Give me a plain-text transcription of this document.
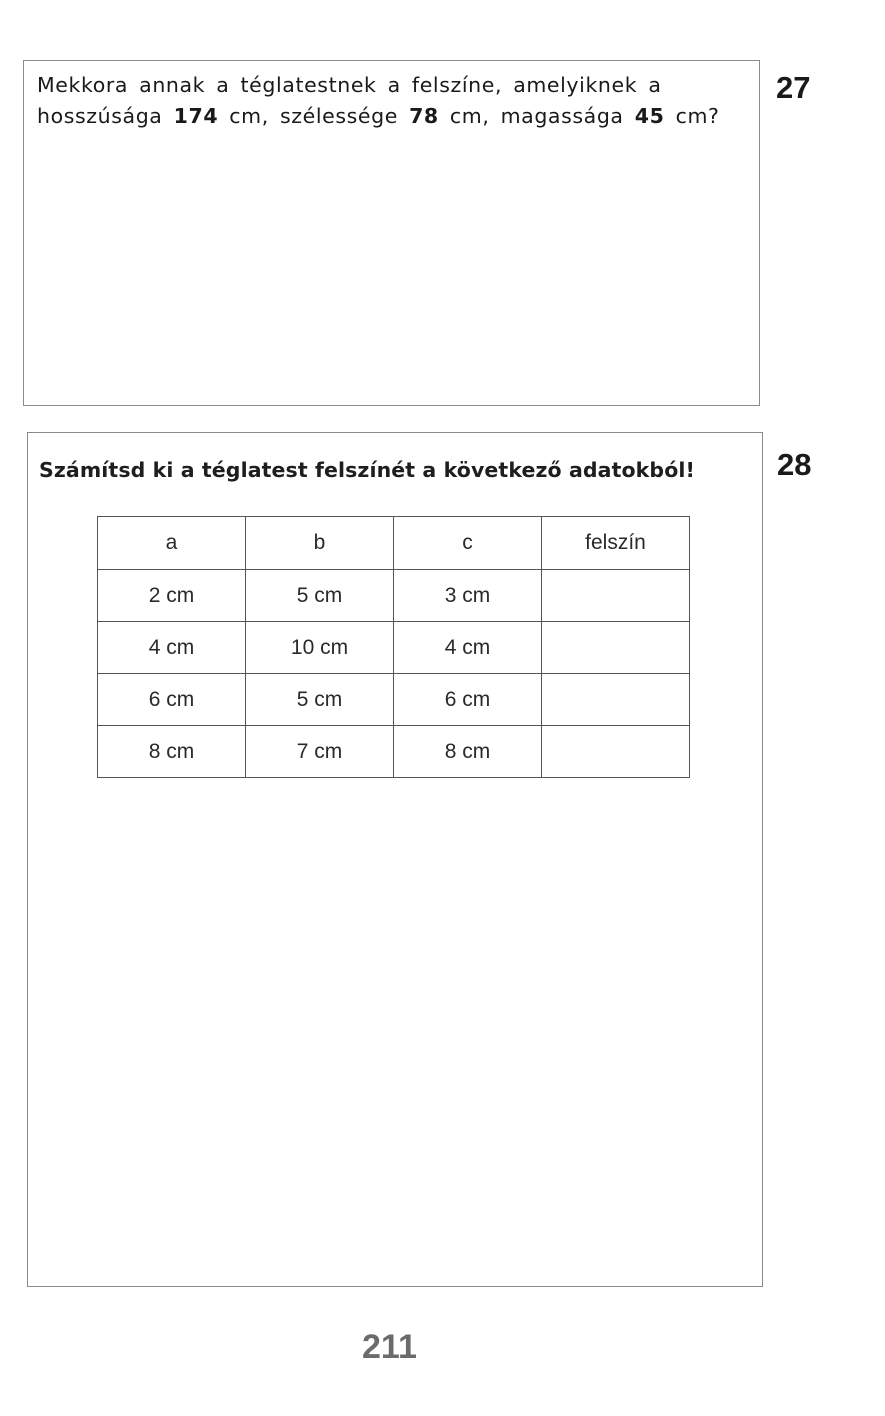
Mekkora annak a téglatestnek a felszíne, amelyiknek a
hosszúsága 174 cm, szélessége 78 cm, magassága 45 cm?
27
Számítsd ki a téglatest felszínét a következő adatokból!	28
a	b	c	felszín
2 cm	5 cm	3 cm	
4 cm	10 cm	4 cm	
6 cm	5 cm	6 cm	
8 cm	7 cm	8 cm	
211
